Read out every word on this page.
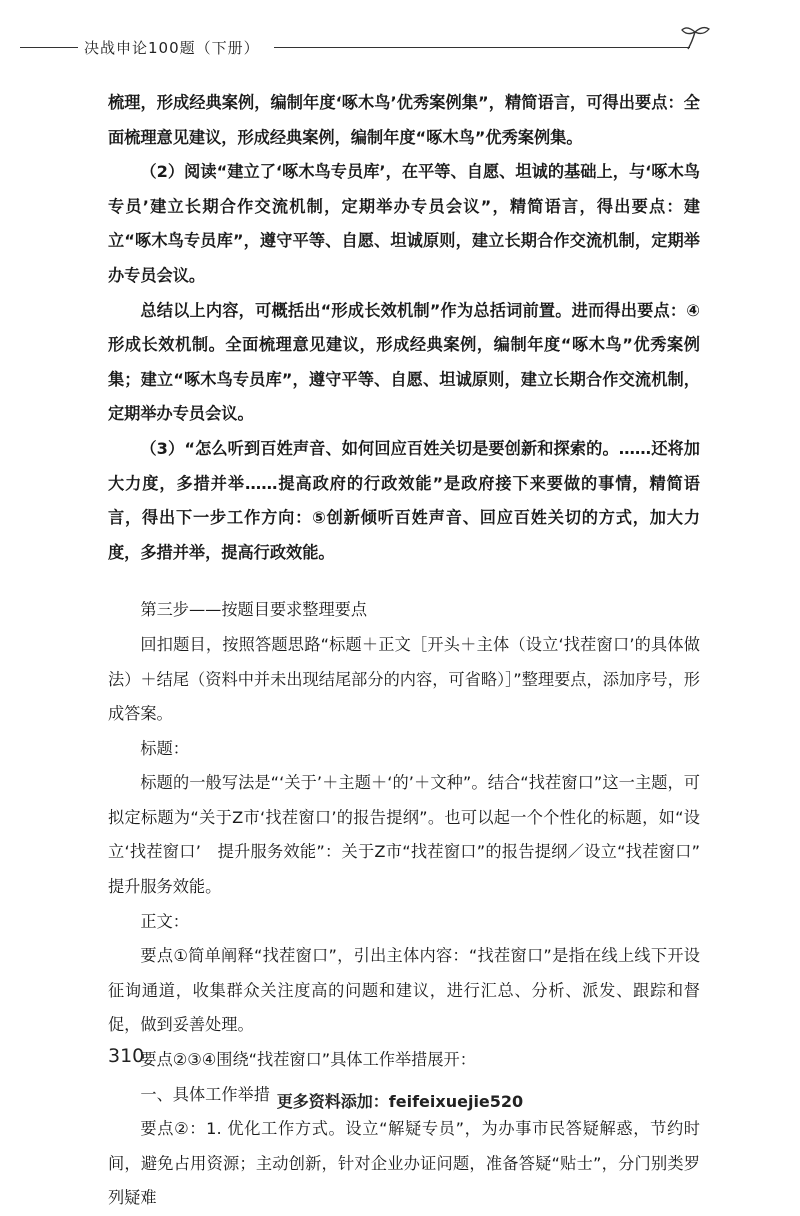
决战申论100题（下册）

梳理，形成经典案例，编制年度‘啄木鸟’优秀案例集”，精简语言，可得出要点：全面梳理意见建议，形成经典案例，编制年度“啄木鸟”优秀案例集。

（2）阅读“建立了‘啄木鸟专员库’，在平等、自愿、坦诚的基础上，与‘啄木鸟专员’建立长期合作交流机制，定期举办专员会议”，精简语言，得出要点：建立“啄木鸟专员库”，遵守平等、自愿、坦诚原则，建立长期合作交流机制，定期举办专员会议。

总结以上内容，可概括出“形成长效机制”作为总括词前置。进而得出要点：④形成长效机制。全面梳理意见建议，形成经典案例，编制年度“啄木鸟”优秀案例集；建立“啄木鸟专员库”，遵守平等、自愿、坦诚原则，建立长期合作交流机制，定期举办专员会议。

（3）“怎么听到百姓声音、如何回应百姓关切是要创新和探索的。……还将加大力度，多措并举……提高政府的行政效能”是政府接下来要做的事情，精简语言，得出下一步工作方向：⑤创新倾听百姓声音、回应百姓关切的方式，加大力度，多措并举，提高行政效能。

第三步——按题目要求整理要点

回扣题目，按照答题思路“标题＋正文［开头＋主体（设立‘找茬窗口’的具体做法）＋结尾（资料中并未出现结尾部分的内容，可省略）］”整理要点，添加序号，形成答案。

标题：

标题的一般写法是“‘关于’＋主题＋‘的’＋文种”。结合“找茬窗口”这一主题，可拟定标题为“关于Z市‘找茬窗口’的报告提纲”。也可以起一个个性化的标题，如“设立‘找茬窗口’　提升服务效能”：关于Z市“找茬窗口”的报告提纲／设立“找茬窗口”　提升服务效能。

正文：

要点①简单阐释“找茬窗口”，引出主体内容：“找茬窗口”是指在线上线下开设征询通道，收集群众关注度高的问题和建议，进行汇总、分析、派发、跟踪和督促，做到妥善处理。

要点②③④围绕“找茬窗口”具体工作举措展开：

一、具体工作举措

要点②：1. 优化工作方式。设立“解疑专员”，为办事市民答疑解惑，节约时间，避免占用资源；主动创新，针对企业办证问题，准备答疑“贴士”，分门别类罗列疑难

310
更多资料添加：feifeixuejie520
